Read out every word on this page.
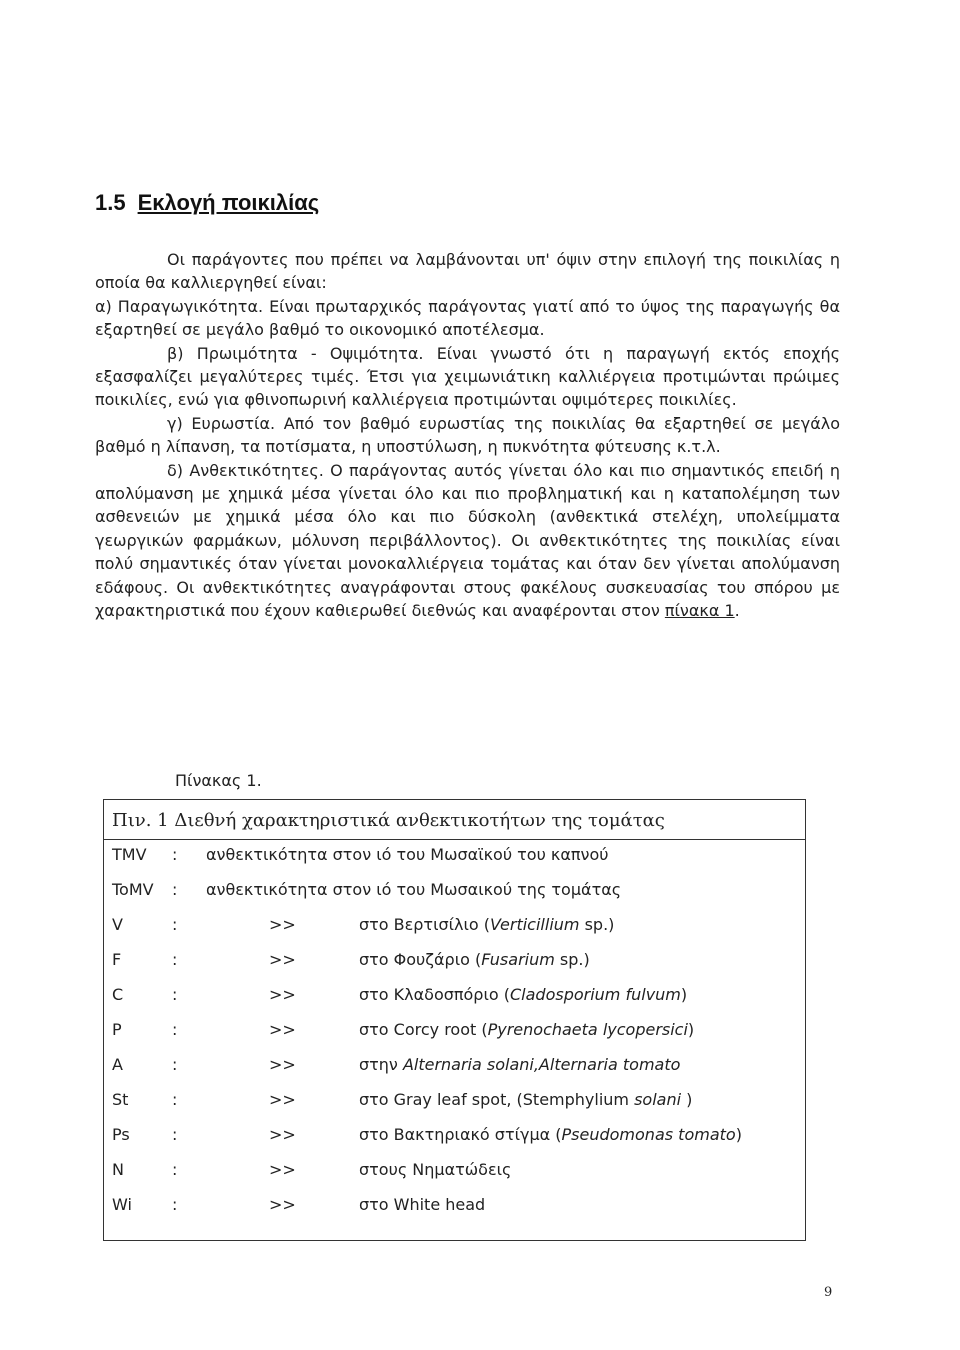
1.5 Εκλογή ποικιλίας

Οι παράγοντες που πρέπει να λαμβάνονται υπ' όψιν στην επιλογή της ποικιλίας η οποία θα καλλιεργηθεί είναι:

α) Παραγωγικότητα. Είναι πρωταρχικός παράγοντας γιατί από το ύψος της παραγωγής θα εξαρτηθεί σε μεγάλο βαθμό το οικονομικό αποτέλεσμα.

β) Πρωιμότητα - Οψιμότητα. Είναι γνωστό ότι η παραγωγή εκτός εποχής εξασφαλίζει μεγαλύτερες τιμές. Έτσι για χειμωνιάτικη καλλιέργεια προτιμώνται πρώιμες ποικιλίες, ενώ για φθινοπωρινή καλλιέργεια προτιμώνται οψιμότερες ποικιλίες.

γ) Ευρωστία. Από τον βαθμό ευρωστίας της ποικιλίας θα εξαρτηθεί σε μεγάλο βαθμό η λίπανση, τα ποτίσματα, η υποστύλωση, η πυκνότητα φύτευσης κ.τ.λ.

δ) Ανθεκτικότητες. Ο παράγοντας αυτός γίνεται όλο και πιο σημαντικός επειδή η απολύμανση με χημικά μέσα γίνεται όλο και πιο προβληματική και η καταπολέμηση των ασθενειών με χημικά μέσα όλο και πιο δύσκολη (ανθεκτικά στελέχη, υπολείμματα γεωργικών φαρμάκων, μόλυνση περιβάλλοντος). Οι ανθεκτικότητες της ποικιλίας είναι πολύ σημαντικές όταν γίνεται μονοκαλλιέργεια τομάτας και όταν δεν γίνεται απολύμανση εδάφους. Οι ανθεκτικότητες αναγράφονται στους φακέλους συσκευασίας του σπόρου με χαρακτηριστικά που έχουν καθιερωθεί διεθνώς και αναφέρονται στον πίνακα 1.

Πίνακας 1.
Πιν. 1 Διεθνή χαρακτηριστικά ανθεκτικοτήτων της τομάτας
TMV : ανθεκτικότητα στον ιό του Μωσαϊκού του καπνού
ToMV : ανθεκτικότητα στον ιό του Μωσαικού της τομάτας
V	:	>>	στο Βερτισίλιο (Verticillium sp.)
F	:	>>	στο Φουζάριο (Fusarium sp.)
C	:	>>	στο Κλαδοσπόριο (Cladosporium fulvum)
P	:	>>	στο Corcy root (Pyrenochaeta lycopersici)
A	:	>>	στην Alternaria solani,Alternaria tomato
St	:	>>	στο Gray leaf spot, (Stemphylium solani )
Ps	:	>>	στο Βακτηριακό στίγμα (Pseudomonas tomato)
N	:	>>	στους Νηματώδεις
Wi	:	>>	στο White head
9
